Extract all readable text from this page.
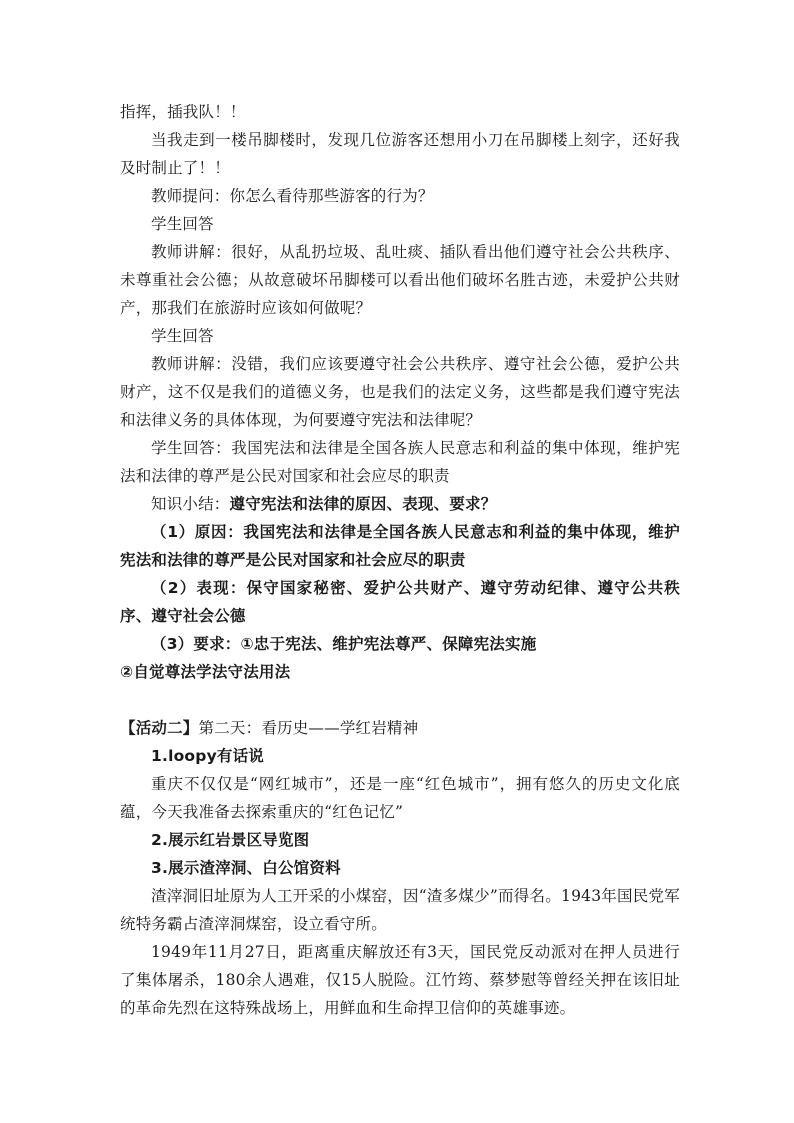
指挥，插我队！！

当我走到一楼吊脚楼时，发现几位游客还想用小刀在吊脚楼上刻字，还好我及时制止了！！

教师提问：你怎么看待那些游客的行为？

学生回答

教师讲解：很好，从乱扔垃圾、乱吐痰、插队看出他们遵守社会公共秩序、未尊重社会公德；从故意破坏吊脚楼可以看出他们破坏名胜古迹，未爱护公共财产，那我们在旅游时应该如何做呢？

学生回答

教师讲解：没错，我们应该要遵守社会公共秩序、遵守社会公德，爱护公共财产，这不仅是我们的道德义务，也是我们的法定义务，这些都是我们遵守宪法和法律义务的具体体现，为何要遵守宪法和法律呢？

学生回答：我国宪法和法律是全国各族人民意志和利益的集中体现，维护宪法和法律的尊严是公民对国家和社会应尽的职责

知识小结：遵守宪法和法律的原因、表现、要求？

（1）原因：我国宪法和法律是全国各族人民意志和利益的集中体现，维护宪法和法律的尊严是公民对国家和社会应尽的职责

（2）表现：保守国家秘密、爱护公共财产、遵守劳动纪律、遵守公共秩序、遵守社会公德

（3）要求：①忠于宪法、维护宪法尊严、保障宪法实施

②自觉尊法学法守法用法

【活动二】第二天：看历史——学红岩精神

1.loopy有话说

重庆不仅仅是“网红城市”，还是一座“红色城市”，拥有悠久的历史文化底蕴，今天我准备去探索重庆的“红色记忆”

2.展示红岩景区导览图

3.展示渣滓洞、白公馆资料

渣滓洞旧址原为人工开采的小煤窑，因“渣多煤少”而得名。1943年国民党军统特务霸占渣滓洞煤窑，设立看守所。

1949年11月27日，距离重庆解放还有3天，国民党反动派对在押人员进行了集体屠杀，180余人遇难，仅15人脱险。江竹筠、蔡梦慰等曾经关押在该旧址的革命先烈在这特殊战场上，用鲜血和生命捍卫信仰的英雄事迹。
